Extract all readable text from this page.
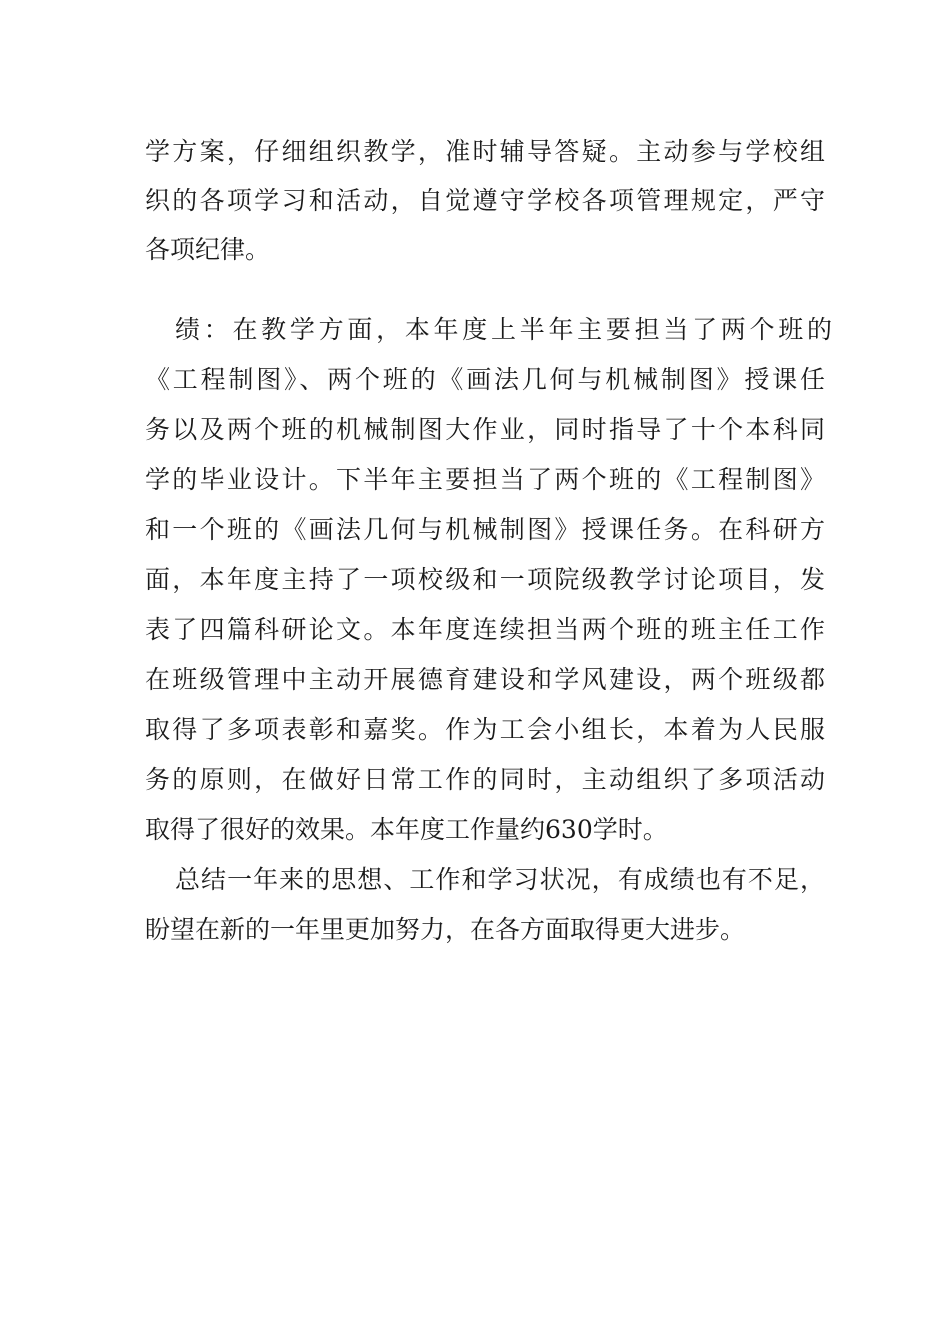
学方案，仔细组织教学，准时辅导答疑。主动参与学校组
织的各项学习和活动，自觉遵守学校各项管理规定，严守
各项纪律。
绩：在教学方面，本年度上半年主要担当了两个班的
《工程制图》、两个班的《画法几何与机械制图》授课任
务以及两个班的机械制图大作业，同时指导了十个本科同
学的毕业设计。下半年主要担当了两个班的《工程制图》
和一个班的《画法几何与机械制图》授课任务。在科研方
面，本年度主持了一项校级和一项院级教学讨论项目，发
表了四篇科研论文。本年度连续担当两个班的班主任工作
在班级管理中主动开展德育建设和学风建设，两个班级都
取得了多项表彰和嘉奖。作为工会小组长，本着为人民服
务的原则，在做好日常工作的同时，主动组织了多项活动
取得了很好的效果。本年度工作量约630学时。
总结一年来的思想、工作和学习状况，有成绩也有不足，
盼望在新的一年里更加努力，在各方面取得更大进步。
